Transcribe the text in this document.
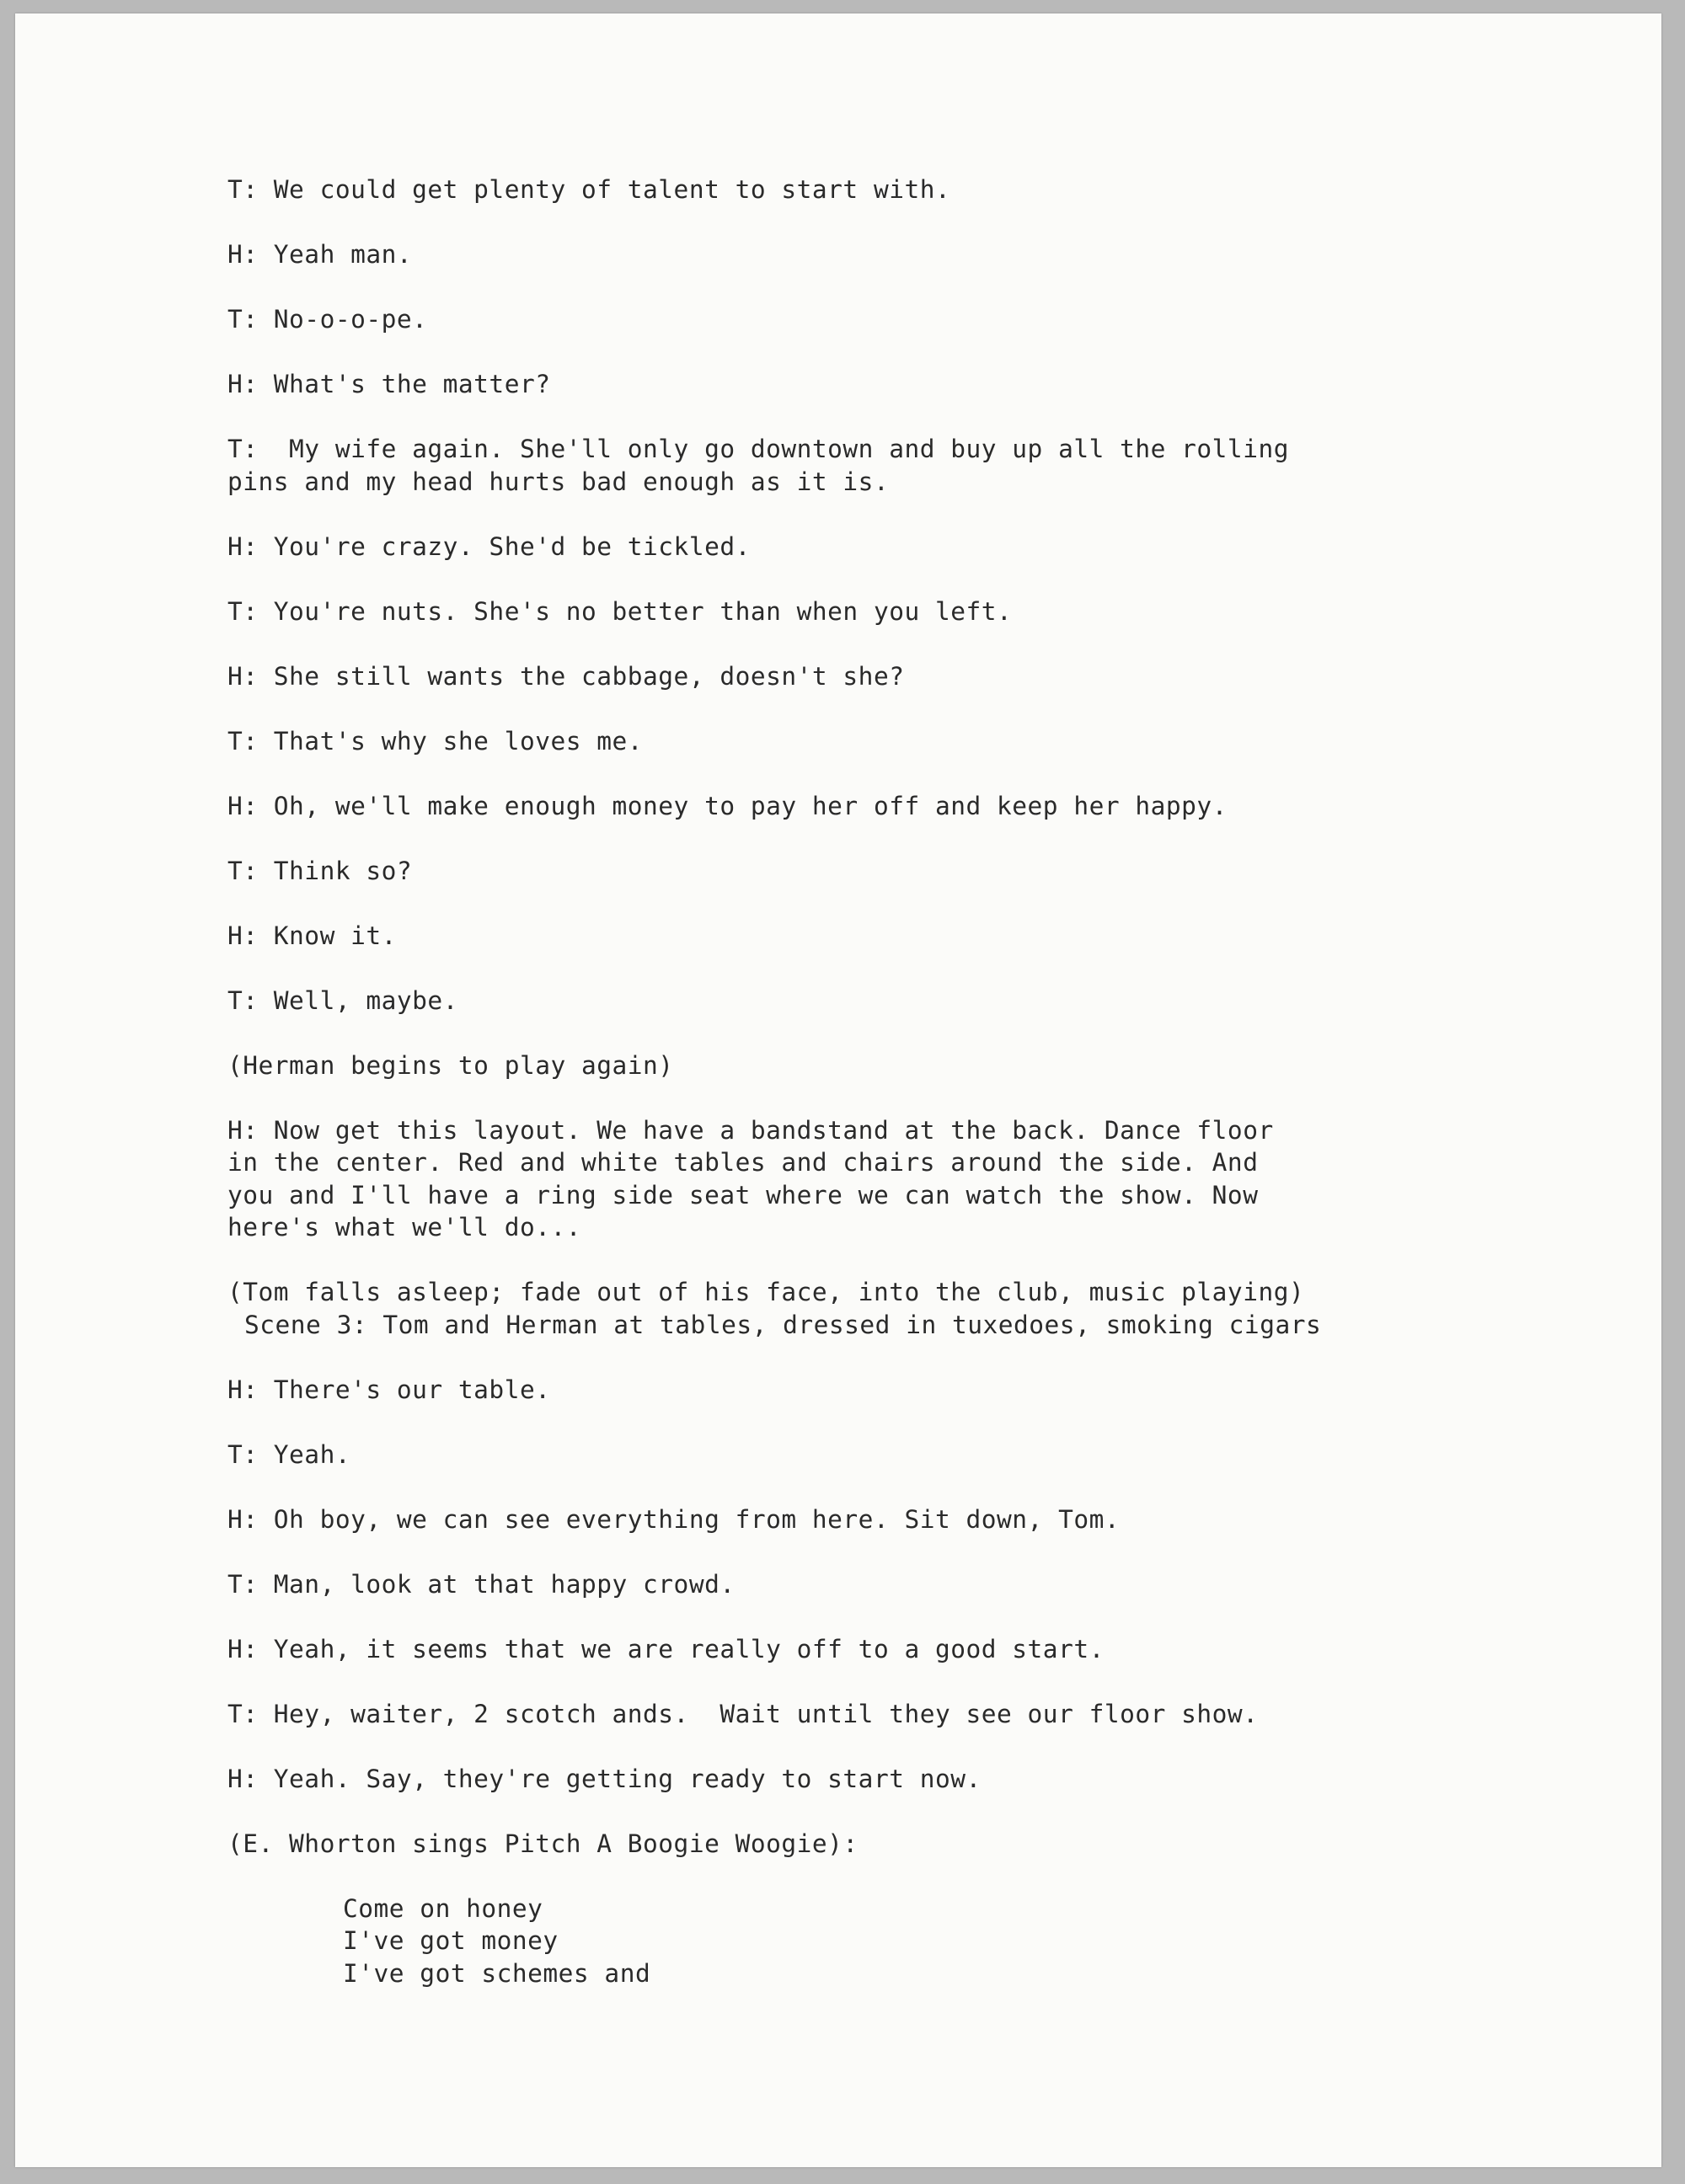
T: We could get plenty of talent to start with.
H: Yeah man.
T: No-o-o-pe.
H: What's the matter?
T:  My wife again. She'll only go downtown and buy up all the rolling
pins and my head hurts bad enough as it is.
H: You're crazy. She'd be tickled.
T: You're nuts. She's no better than when you left.
H: She still wants the cabbage, doesn't she?
T: That's why she loves me.
H: Oh, we'll make enough money to pay her off and keep her happy.
T: Think so?
H: Know it.
T: Well, maybe.
(Herman begins to play again)
H: Now get this layout. We have a bandstand at the back. Dance floor
in the center. Red and white tables and chairs around the side. And
you and I'll have a ring side seat where we can watch the show. Now
here's what we'll do...
(Tom falls asleep; fade out of his face, into the club, music playing)
Scene 3: Tom and Herman at tables, dressed in tuxedoes, smoking cigars
H: There's our table.
T: Yeah.
H: Oh boy, we can see everything from here. Sit down, Tom.
T: Man, look at that happy crowd.
H: Yeah, it seems that we are really off to a good start.
T: Hey, waiter, 2 scotch ands.  Wait until they see our floor show.
H: Yeah. Say, they're getting ready to start now.
(E. Whorton sings Pitch A Boogie Woogie):
Come on honey
I've got money
I've got schemes and
